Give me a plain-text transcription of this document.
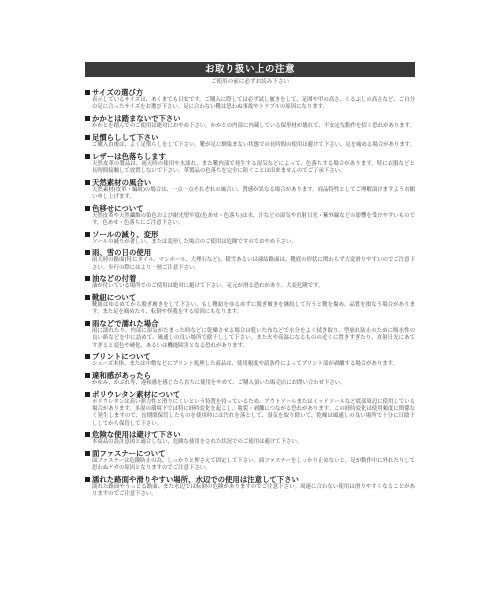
お取り扱い上の注意
ご使用の前に必ずお読み下さい
サイズの選び方
表示しているサイズは、あくまでも目安です。ご購入に際しては必ず試し履きをして、足囲や甲の高さ、くるぶしの高さなど、ご自分の足に合ったサイズをお選び下さい。足に合わない靴は思わぬ事故やトラブルの原因になります。
かかとは踏まないで下さい
かかとを踏んでのご使用は絶対におやめ下さい。かかとの内部に内蔵している保形材が壊れて、不安定な動作を招く恐れがあります。
足慣らしして下さい
ご購入直後は、よく足慣らしをして下さい。靴が足に馴染まない状態での長時間の使用は避けて下さい。足を痛める場合があります。
レザーは色落ちします
天然皮革の製品は、雨天時の使用や水濡れ、また靴内部で発生する湿気などによって、色落ちする場合があります。特に衣服などと長時間接触して放置しないで下さい。革製品の色落ちを完全に防ぐことは出来ませんのでご了承下さい。
天然素材の風合い
天然素材(皮革・編組)の場合は、一点一点それぞれの風合い、質感が異なる場合があります。商品特性としてご理解頂けますようお願い申し上げます。
色移せについて
天然皮革や天然繊維の染色および耐光堅牢度(色あせ・色落ち)は水、汗などの湿気や直射日光・紫外線などの影響を受けやすいものです。色あせ・色落ちにご注意下さい。
ソールの減り、変形
ソールの減りが著しい、または変形した場合のご使用は危険ですのでおやめ下さい。
雨、雪の日の使用
雨天時の路面(特にタイル、マンホール、大理石など)、積雪あるいは凍結路面は、靴底の形状に関わらず大変滑りやすいのでご注意下さい。歩行の際にはより一層ご注意下さい。
油などの付着
油が付いている場所でのご使用は絶対に避けて下さい。足元が滑る恐れがあり、大変危険です。
靴紐について
靴紐はゆるめてから脱ぎ履きをして下さい。もし靴紐をゆるめずに脱ぎ履きを継続して行うと靴を傷め、品質を損なう場合があります。また足を痛めたり、転倒や怪我をする原因にもなります。
雨などで濡れた場合
雨に濡れたり、内部に湿気がたまった時などに乾燥させる場合は乾いた布などで水分をよく拭き取り、型崩れ防止のために吸水性の良い紙などを中に詰めて、風通しの良い場所で陰干しして下さい。また火や高温になるものの近くに置きすぎたり、直射日光にあてすぎると変色や硬化、あるいは機能障害となる恐れがあります。
プリントについて
シューズ本体、または中敷などにプリント処理した商品は、使用頻度や請条件によってプリント部が剥離する場合があります。
違和感があったら
かゆみ、かぶれ等、違和感を感じたら直ちに使用をやめて、ご購入頂いた販売店にお問い合わせ下さい。
ポリウレタン素材について
ポリウレタンは高い弾力性と滑りにくいという特質を持っているため、アウトソールまたはミッドソールなど底部周辺に使用している場合があります。多湿の環境下では特に経時変化を起こし、亀裂・剥離につながる恐れがあります。この経時変化は使用頻度に関係なく発生しますので、長期間保管したものを使用時には汚れを落として、湿気を取り除いて、乾燥は風通しの良い場所で十分に日陰干ししてから保管して下さい。
危険な使用は避けて下さい
本商品の設計意図と適合しない、危険な使用をされた状況でのご使用は避けて下さい。
面ファスナーについて
面ファスナーは危険防止の為、しっかりと押さえて固定して下さい。面ファスナーをしっかり止めないと、足が動作中に外れたりして思わぬケガの原因となりますのでご注意下さい。
濡れた路面や滑りやすい場所、水辺での使用は注意して下さい
濡れた路面やうっとる路面、また水辺では転倒の危険がありますのでご注意下さい。周速に合わない使用は滑りやすくなることがありますのでご注意下さい。
